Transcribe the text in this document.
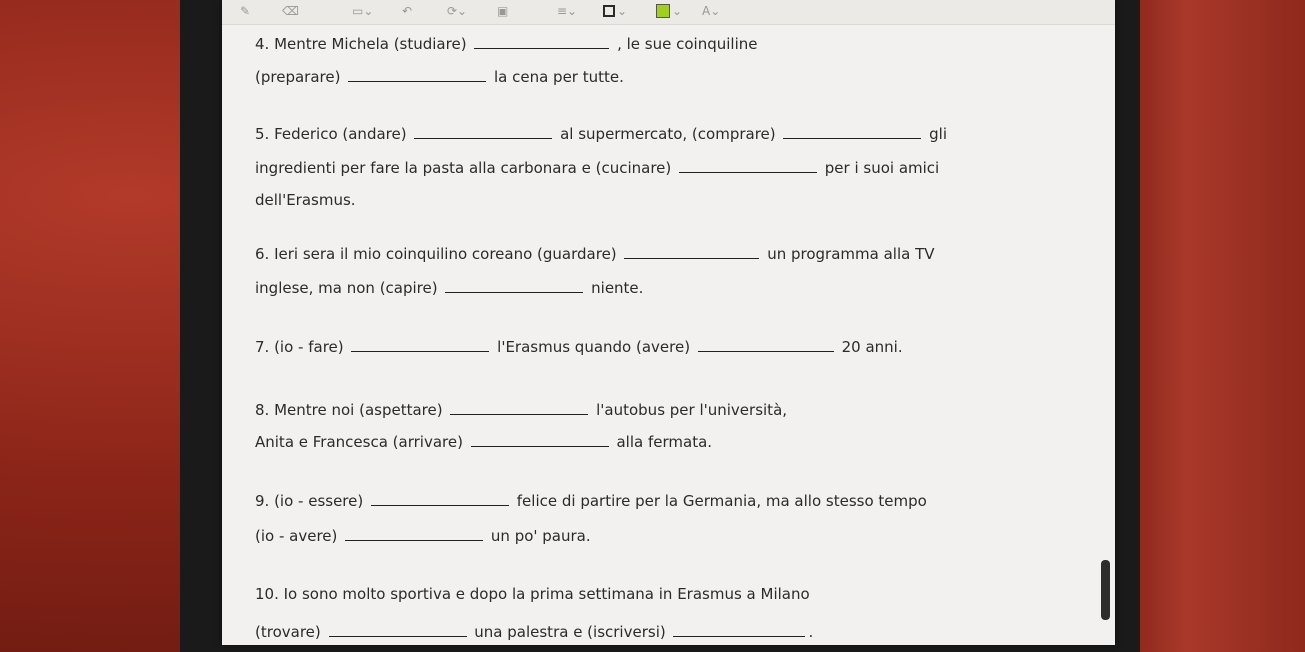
✎	⌫	▭⌄ ↶	⟳⌄ ▣	≡⌄	⌄	⌄ A⌄
4. Mentre Michela (studiare)	, le sue coinquiline
(preparare)	la cena per tutte.
5. Federico (andare)	al supermercato, (comprare)	gli
ingredienti per fare la pasta alla carbonara e (cucinare)	per i suoi amici
dell'Erasmus.
6. Ieri sera il mio coinquilino coreano (guardare)	un programma alla TV
inglese, ma non (capire)	niente.
7. (io - fare)	l'Erasmus quando (avere)	20 anni.
8. Mentre noi (aspettare)	l'autobus per l'università,
Anita e Francesca (arrivare)	alla fermata.
9. (io - essere)	felice di partire per la Germania, ma allo stesso tempo
(io - avere)	un po' paura.
10. Io sono molto sportiva e dopo la prima settimana in Erasmus a Milano
(trovare)	una palestra e (iscriversi)	.
